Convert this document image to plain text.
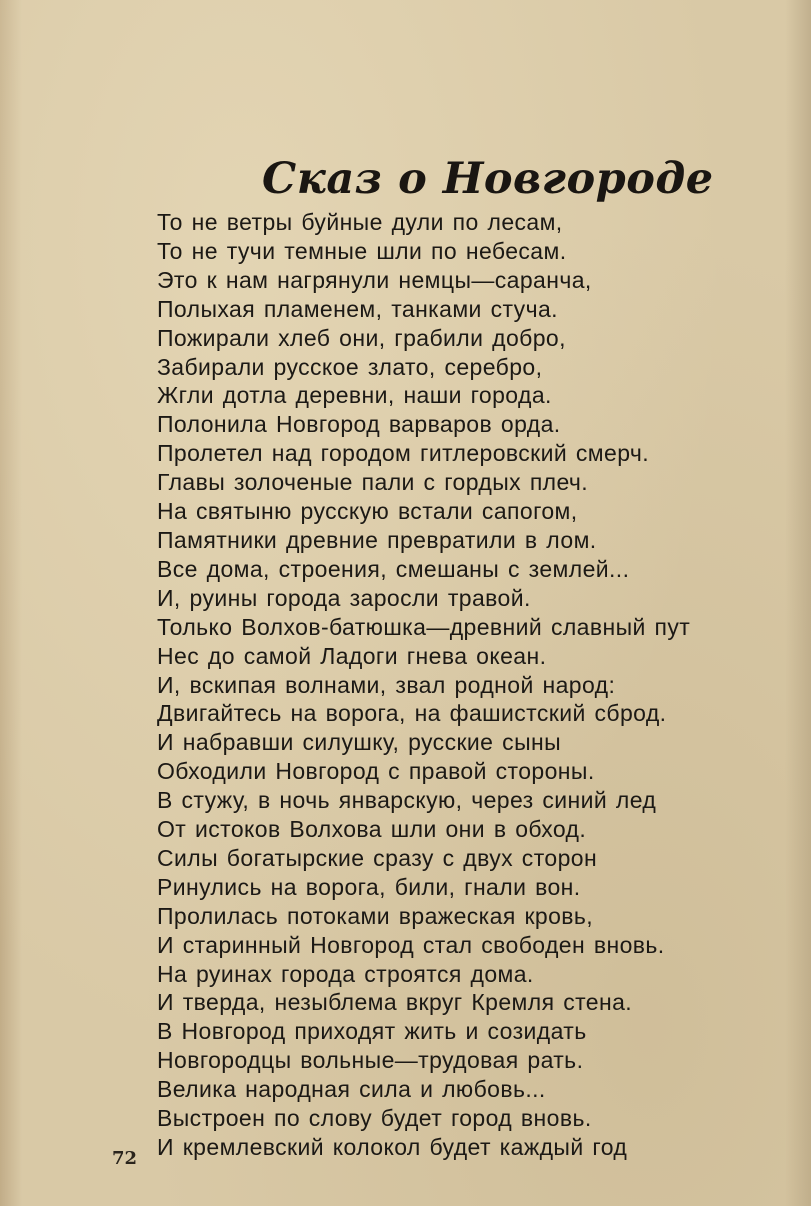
Сказ о Новгороде
То не ветры буйные дули по лесам,
То не тучи темные шли по небесам.
Это к нам нагрянули немцы—саранча,
Полыхая пламенем, танками стуча.
Пожирали хлеб они, грабили добро,
Забирали русское злато, серебро,
Жгли дотла деревни, наши города.
Полонила Новгород варваров орда.
Пролетел над городом гитлеровский смерч.
Главы золоченые пали с гордых плеч.
На святыню русскую встали сапогом,
Памятники древние превратили в лом.
Все дома, строения, смешаны с землей...
И, руины города заросли травой.
Только Волхов-батюшка—древний славный пут
Нес до самой Ладоги гнева океан.
И, вскипая волнами, звал родной народ:
Двигайтесь на ворога, на фашистский сброд.
И набравши силушку, русские сыны
Обходили Новгород с правой стороны.
В стужу, в ночь январскую, через синий лед
От истоков Волхова шли они в обход.
Силы богатырские сразу с двух сторон
Ринулись на ворога, били, гнали вон.
Пролилась потоками вражеская кровь,
И старинный Новгород стал свободен вновь.
На руинах города строятся дома.
И тверда, незыблема вкруг Кремля стена.
В Новгород приходят жить и созидать
Новгородцы вольные—трудовая рать.
Велика народная сила и любовь...
Выстроен по слову будет город вновь.
И кремлевский колокол будет каждый год
72
